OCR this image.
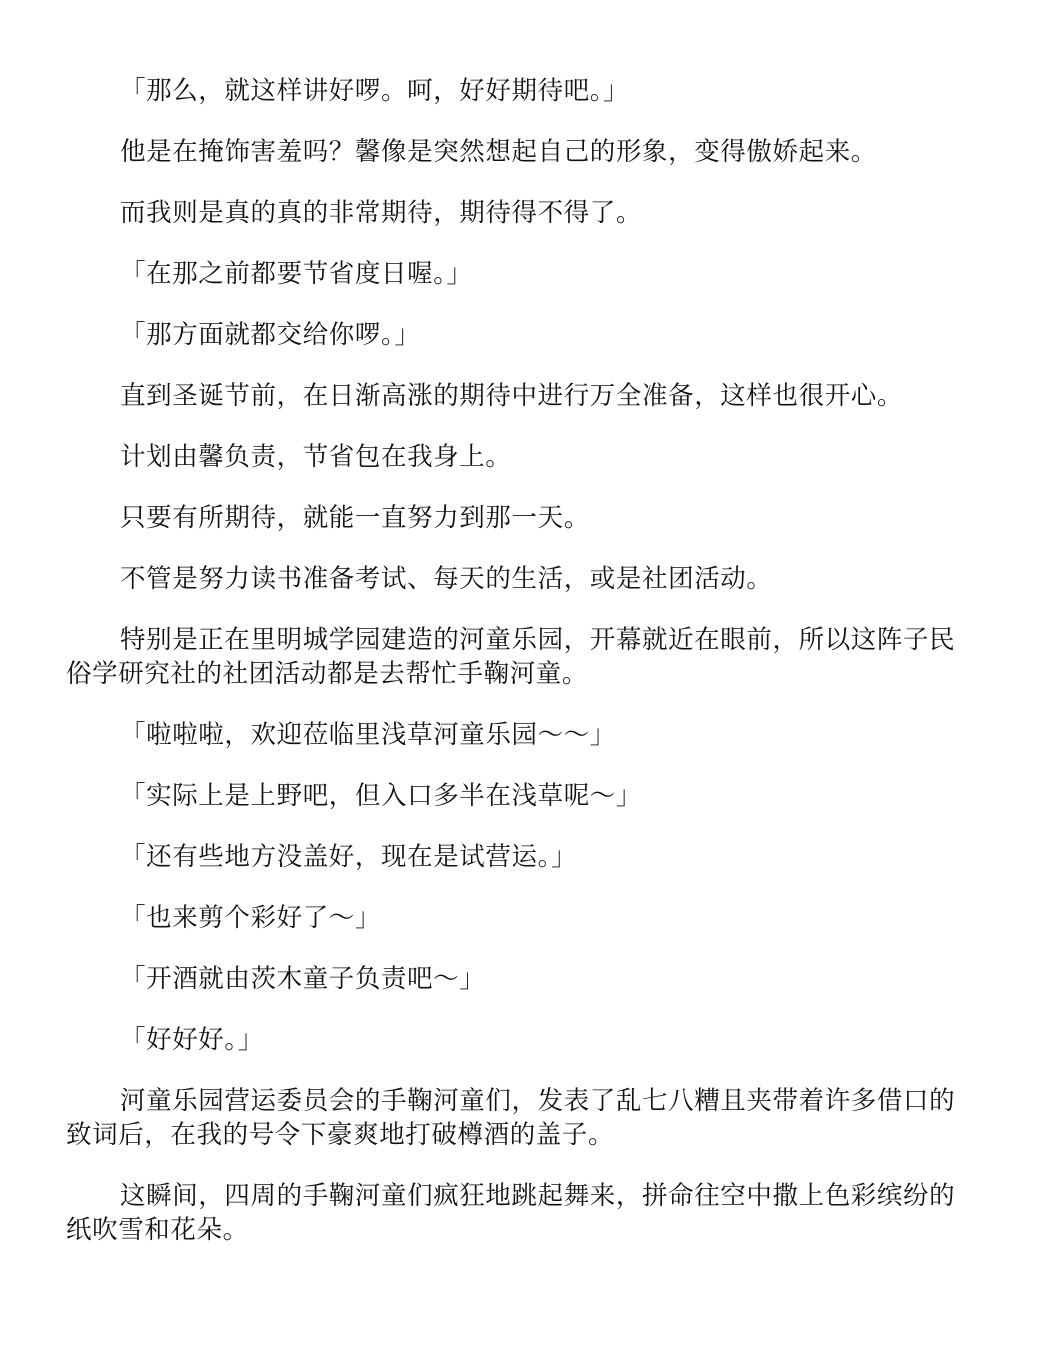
「那么，就这样讲好啰。呵，好好期待吧。」

他是在掩饰害羞吗？馨像是突然想起自己的形象，变得傲娇起来。

而我则是真的真的非常期待，期待得不得了。

「在那之前都要节省度日喔。」

「那方面就都交给你啰。」

直到圣诞节前，在日渐高涨的期待中进行万全准备，这样也很开心。

计划由馨负责，节省包在我身上。

只要有所期待，就能一直努力到那一天。

不管是努力读书准备考试、每天的生活，或是社团活动。

特别是正在里明城学园建造的河童乐园，开幕就近在眼前，所以这阵子民俗学研究社的社团活动都是去帮忙手鞠河童。

「啦啦啦，欢迎莅临里浅草河童乐园～～」

「实际上是上野吧，但入口多半在浅草呢～」

「还有些地方没盖好，现在是试营运。」

「也来剪个彩好了～」

「开酒就由茨木童子负责吧～」

「好好好。」

河童乐园营运委员会的手鞠河童们，发表了乱七八糟且夹带着许多借口的致词后，在我的号令下豪爽地打破樽酒的盖子。

这瞬间，四周的手鞠河童们疯狂地跳起舞来，拼命往空中撒上色彩缤纷的纸吹雪和花朵。
